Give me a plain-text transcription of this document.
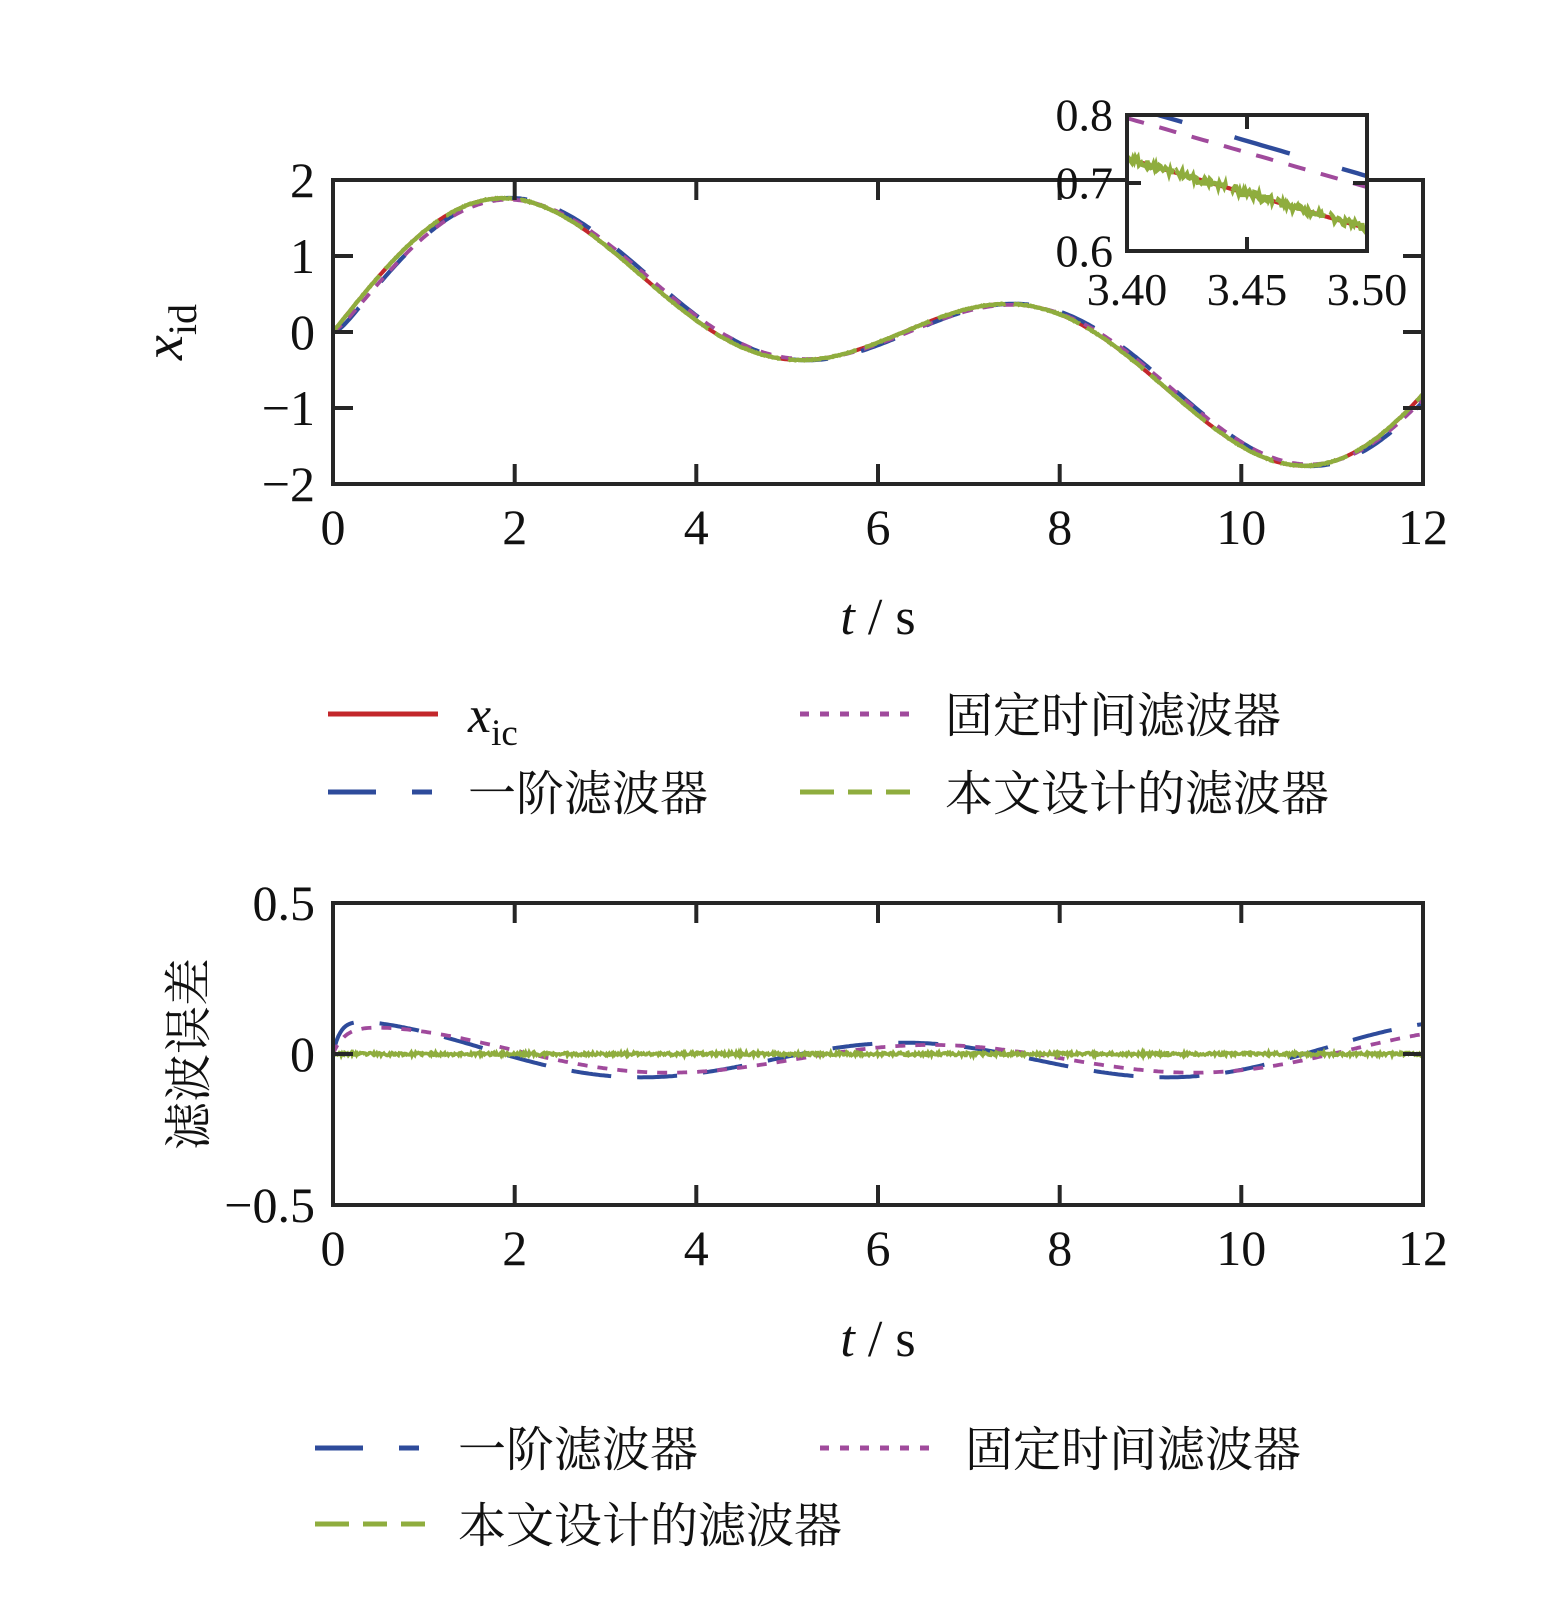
0	2	4	6	8	10	12
2
1
0
−1
−2
t / s
$x_{id}$
3.40 3.45 3.50
0.8
0.7
0.6
$x_{ic}$	固定时间滤波器
一阶滤波器	本文设计的滤波器
0	2	4	6	8	10	12
0.5
0
−0.5
t / s
滤波误差
一阶滤波器	固定时间滤波器
本文设计的滤波器
